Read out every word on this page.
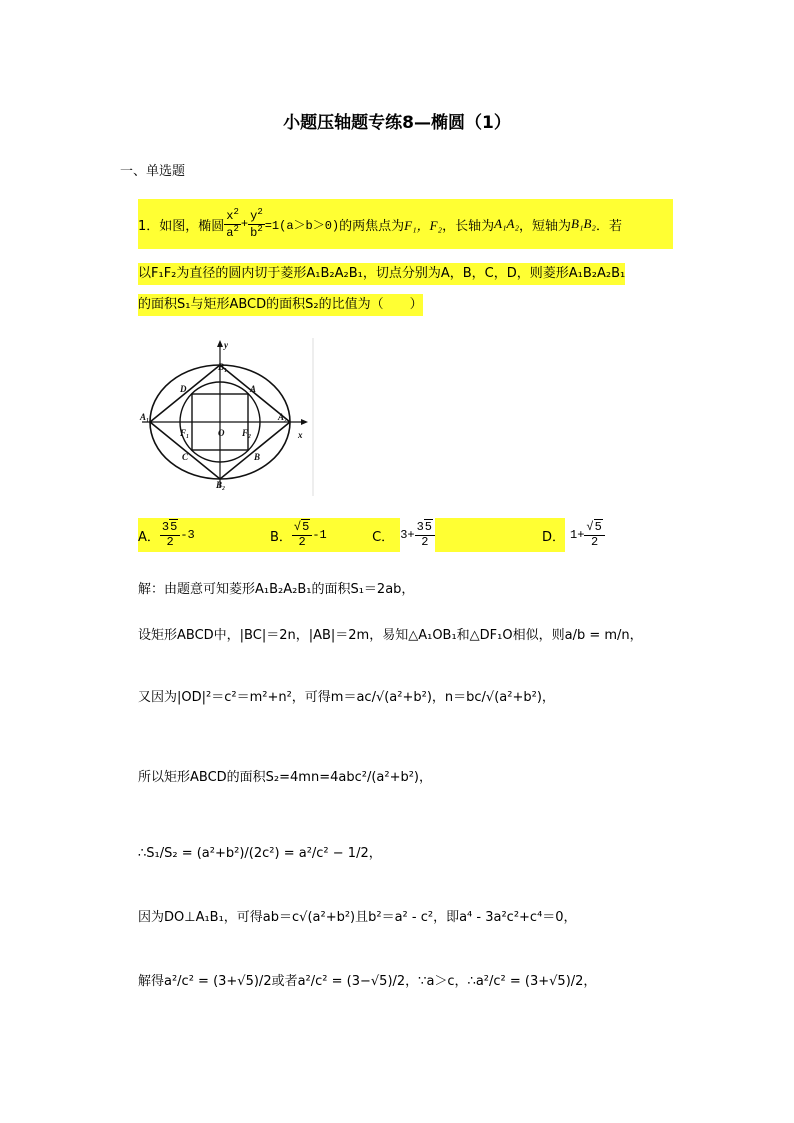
小题压轴题专练8—椭圆（1）
一、单选题
1． 如图，椭圆 $\frac{x^2}{a^2} + \frac{y^2}{b^2} =1(a>b>0)$ 的两焦点为 F₁，F₂ ，长轴为 A₁A₂ ，短轴为 B₁B₂ ．若
以F₁F₂为直径的圆内切于菱形A₁B₂A₂B₁，切点分别为A，B，C，D，则菱形A₁B₂A₂B₁
的面积S₁与矩形ABCD的面积S₂的比值为（　　）
y
x
B₁
B₂
A₁	A₂
D	A
C	B
F₁	F₂
O
A． $\frac{35}{2} -3$	B． $\frac{√5}{2} -1$	C． $3+ \frac{35}{2}$	D． $1+ \frac{√5}{2}$
解：由题意可知菱形A₁B₂A₂B₁的面积S₁＝2ab，
设矩形ABCD中，|BC|＝2n，|AB|＝2m，易知△A₁OB₁和△DF₁O相似，则a/b = m/n，
又因为|OD|²＝c²＝m²+n²，可得m＝ac/√(a²+b²)，n＝bc/√(a²+b²)，
所以矩形ABCD的面积S₂=4mn=4abc²/(a²+b²)，
∴S₁/S₂ = (a²+b²)/(2c²) = a²/c² − 1/2，
因为DO⊥A₁B₁，可得ab＝c√(a²+b²)且b²＝a² - c²，即a⁴ - 3a²c²+c⁴＝0，
解得a²/c² = (3+√5)/2或者a²/c² = (3−√5)/2，∵a＞c，∴a²/c² = (3+√5)/2，
